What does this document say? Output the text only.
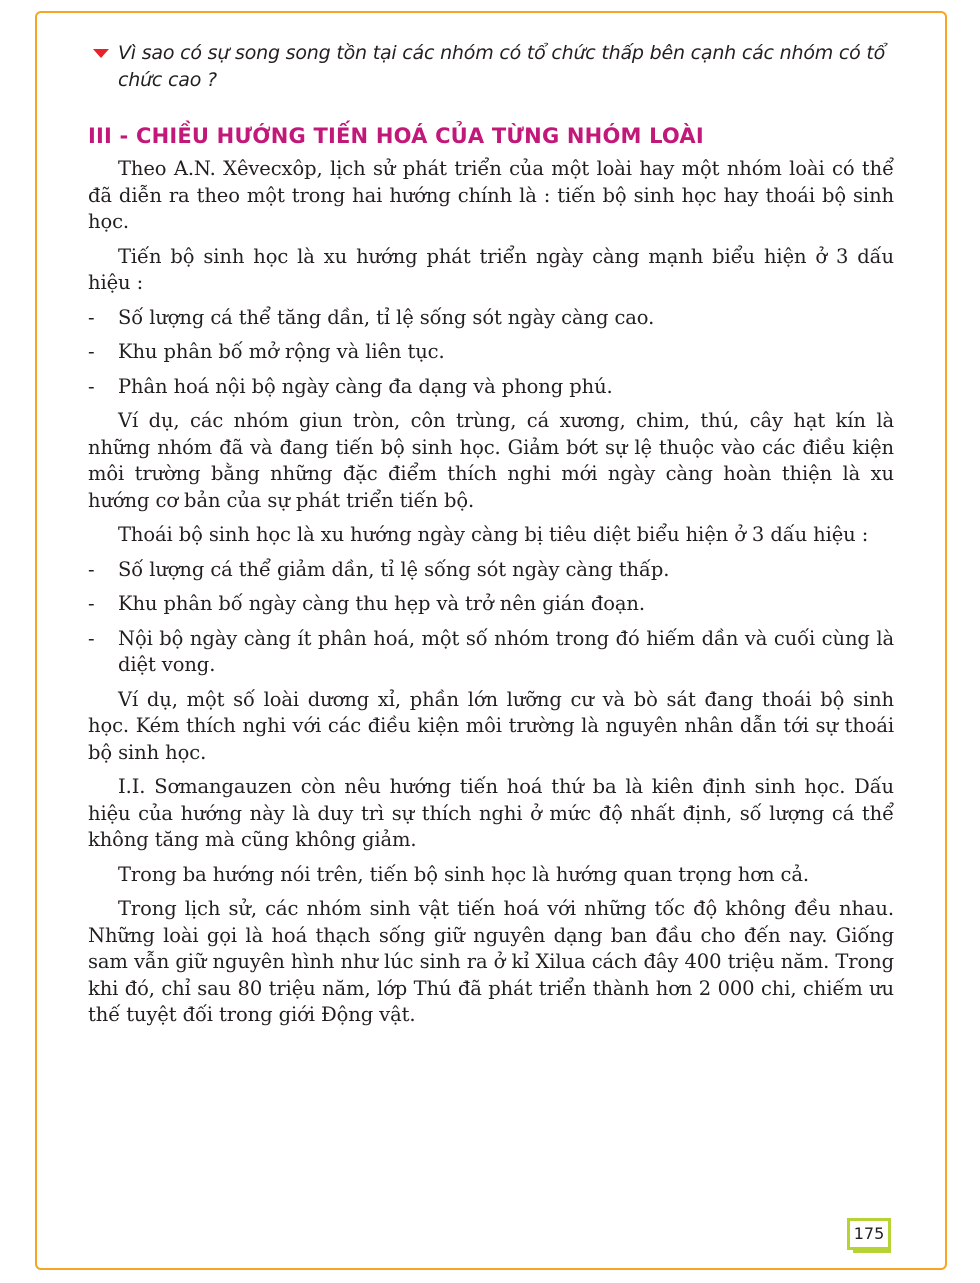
Vì sao có sự song song tồn tại các nhóm có tổ chức thấp bên cạnh các nhóm có tổ chức cao ?
III - CHIỀU HƯỚNG TIẾN HOÁ CỦA TỪNG NHÓM LOÀI
Theo A.N. Xêvecxôp, lịch sử phát triển của một loài hay một nhóm loài có thể đã diễn ra theo một trong hai hướng chính là : tiến bộ sinh học hay thoái bộ sinh học.
Tiến bộ sinh học là xu hướng phát triển ngày càng mạnh biểu hiện ở 3 dấu hiệu :
- Số lượng cá thể tăng dần, tỉ lệ sống sót ngày càng cao.
- Khu phân bố mở rộng và liên tục.
- Phân hoá nội bộ ngày càng đa dạng và phong phú.
Ví dụ, các nhóm giun tròn, côn trùng, cá xương, chim, thú, cây hạt kín là những nhóm đã và đang tiến bộ sinh học. Giảm bớt sự lệ thuộc vào các điều kiện môi trường bằng những đặc điểm thích nghi mới ngày càng hoàn thiện là xu hướng cơ bản của sự phát triển tiến bộ.
Thoái bộ sinh học là xu hướng ngày càng bị tiêu diệt biểu hiện ở 3 dấu hiệu :
- Số lượng cá thể giảm dần, tỉ lệ sống sót ngày càng thấp.
- Khu phân bố ngày càng thu hẹp và trở nên gián đoạn.
- Nội bộ ngày càng ít phân hoá, một số nhóm trong đó hiếm dần và cuối cùng là diệt vong.
Ví dụ, một số loài dương xỉ, phần lớn lưỡng cư và bò sát đang thoái bộ sinh học. Kém thích nghi với các điều kiện môi trường là nguyên nhân dẫn tới sự thoái bộ sinh học.
I.I. Sơmangauzen còn nêu hướng tiến hoá thứ ba là kiên định sinh học. Dấu hiệu của hướng này là duy trì sự thích nghi ở mức độ nhất định, số lượng cá thể không tăng mà cũng không giảm.
Trong ba hướng nói trên, tiến bộ sinh học là hướng quan trọng hơn cả.
Trong lịch sử, các nhóm sinh vật tiến hoá với những tốc độ không đều nhau. Những loài gọi là hoá thạch sống giữ nguyên dạng ban đầu cho đến nay. Giống sam vẫn giữ nguyên hình như lúc sinh ra ở kỉ Xilua cách đây 400 triệu năm. Trong khi đó, chỉ sau 80 triệu năm, lớp Thú đã phát triển thành hơn 2 000 chi, chiếm ưu thế tuyệt đối trong giới Động vật.
175
